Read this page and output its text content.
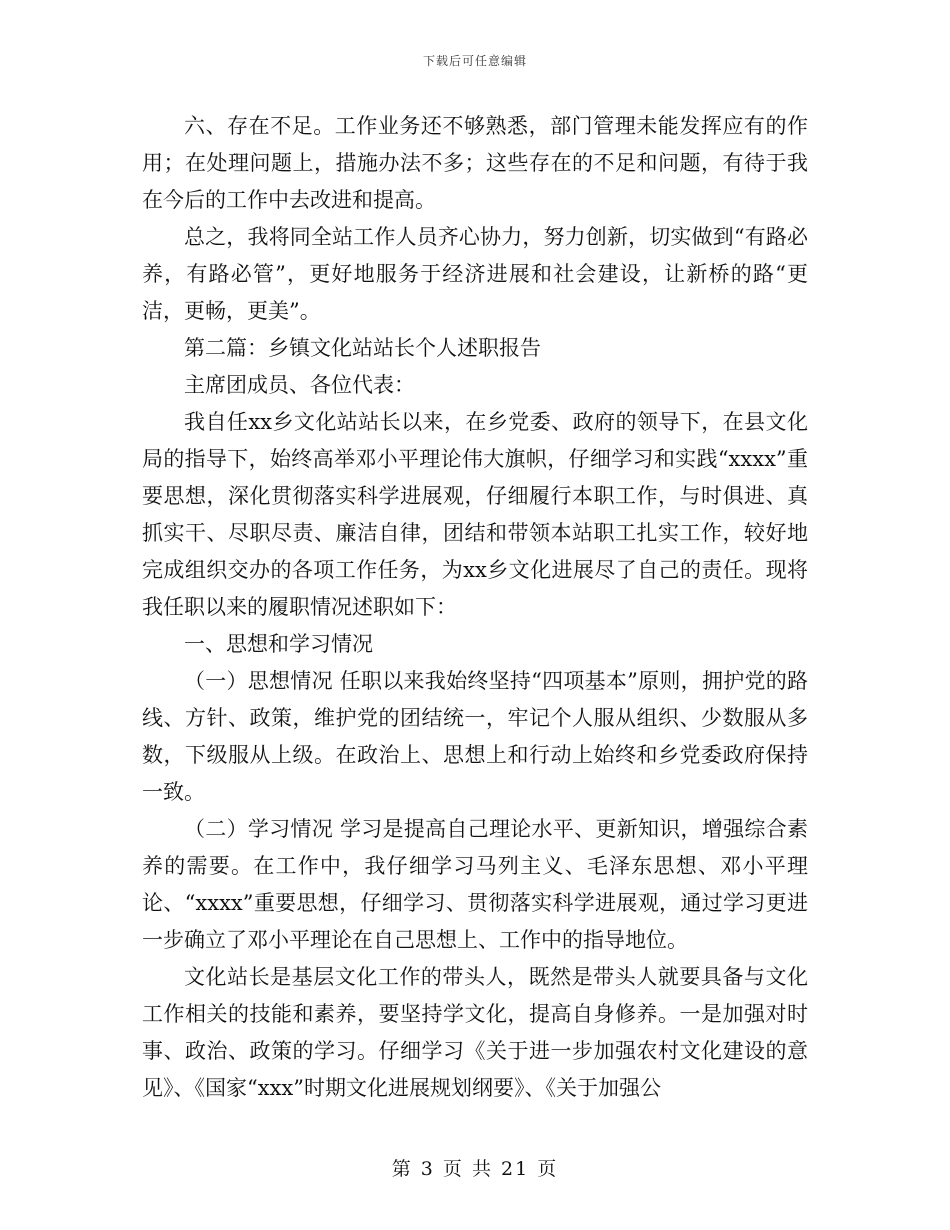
下载后可任意编辑

六、存在不足。工作业务还不够熟悉，部门管理未能发挥应有的作用；在处理问题上，措施办法不多；这些存在的不足和问题，有待于我在今后的工作中去改进和提高。

总之，我将同全站工作人员齐心协力，努力创新，切实做到“有路必养，有路必管”，更好地服务于经济进展和社会建设，让新桥的路“更洁，更畅，更美”。

第二篇：乡镇文化站站长个人述职报告

主席团成员、各位代表：

我自任xx乡文化站站长以来，在乡党委、政府的领导下，在县文化局的指导下，始终高举邓小平理论伟大旗帜，仔细学习和实践“xxxx”重要思想，深化贯彻落实科学进展观，仔细履行本职工作，与时俱进、真抓实干、尽职尽责、廉洁自律，团结和带领本站职工扎实工作，较好地完成组织交办的各项工作任务，为xx乡文化进展尽了自己的责任。现将我任职以来的履职情况述职如下：

一、思想和学习情况

（一）思想情况 任职以来我始终坚持“四项基本”原则，拥护党的路线、方针、政策，维护党的团结统一，牢记个人服从组织、少数服从多数，下级服从上级。在政治上、思想上和行动上始终和乡党委政府保持一致。

（二）学习情况 学习是提高自己理论水平、更新知识，增强综合素养的需要。在工作中，我仔细学习马列主义、毛泽东思想、邓小平理论、“xxxx”重要思想，仔细学习、贯彻落实科学进展观，通过学习更进一步确立了邓小平理论在自己思想上、工作中的指导地位。

文化站长是基层文化工作的带头人，既然是带头人就要具备与文化工作相关的技能和素养，要坚持学文化，提高自身修养。一是加强对时事、政治、政策的学习。仔细学习《关于进一步加强农村文化建设的意见》、《国家“xxx”时期文化进展规划纲要》、《关于加强公

第 3 页 共 21 页
